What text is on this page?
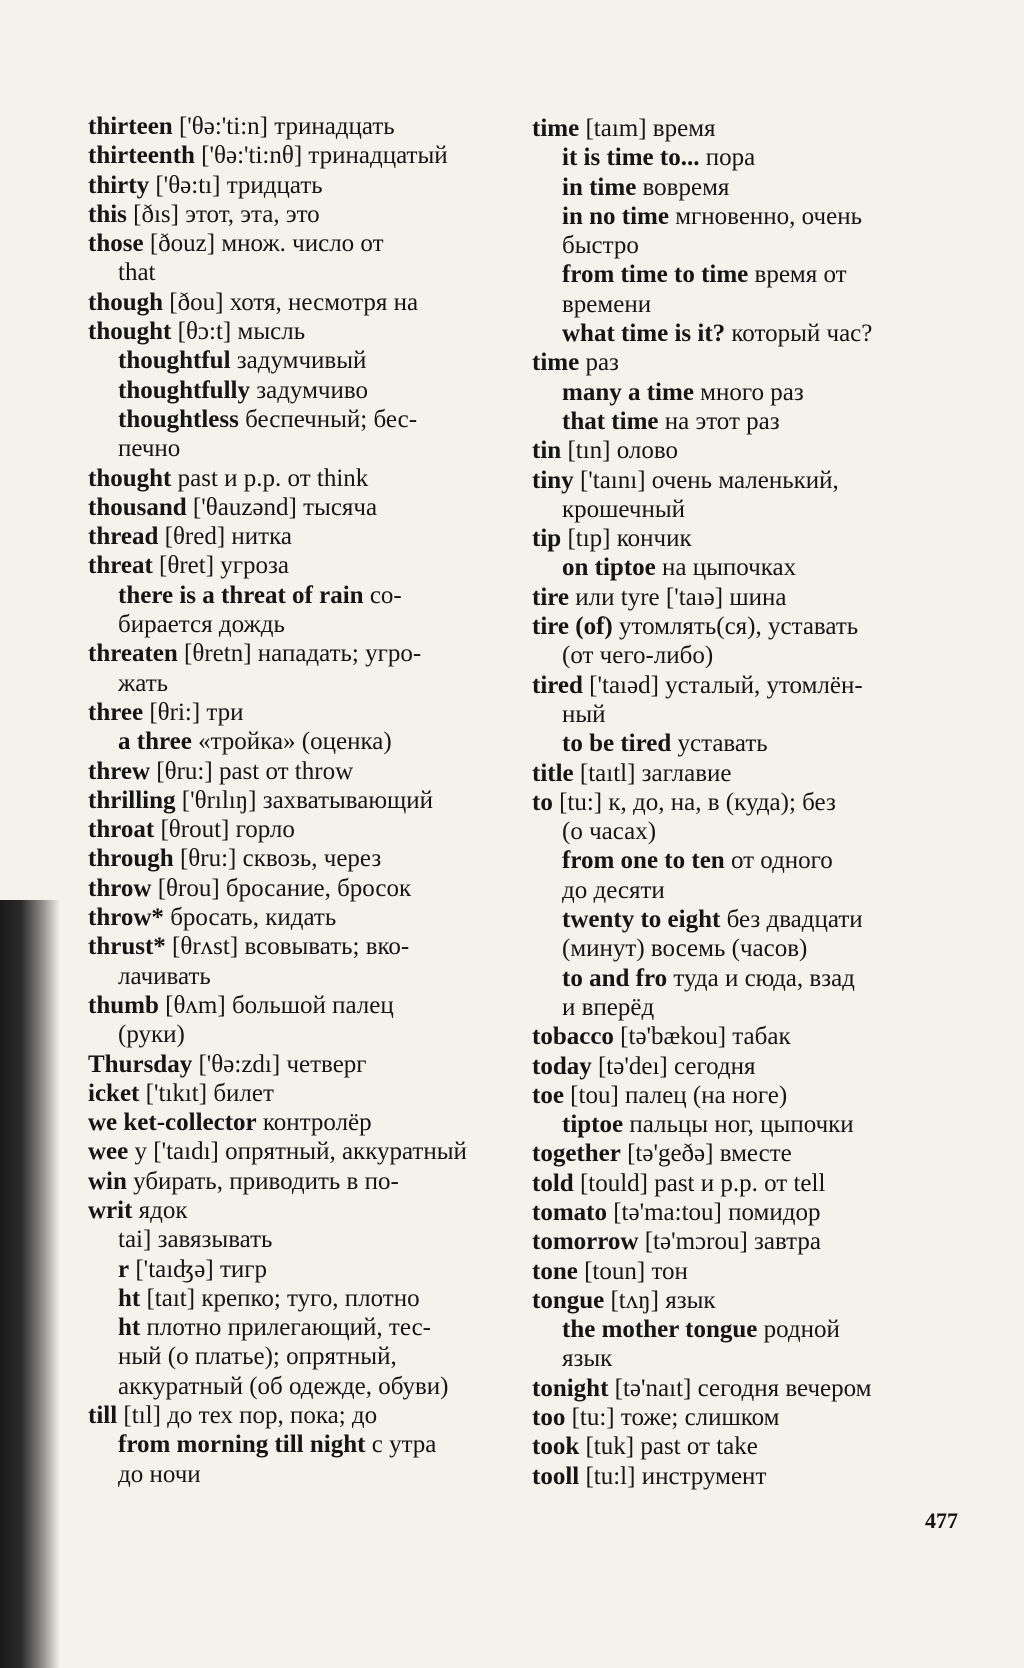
thirteen ['θə:'ti:n] тринадцать
thirteenth ['θə:'ti:nθ] тринадцатый
thirty ['θə:tı] тридцать
this [ðıs] этот, эта, это
those [ðouz] множ. число от
that
though [ðou] хотя, несмотря на
thought [θɔ:t] мысль
thoughtful задумчивый
thoughtfully задумчиво
thoughtless беспечный; бес-
печно
thought past и p.p. от think
thousand ['θauzənd] тысяча
thread [θred] нитка
threat [θret] угроза
there is a threat of rain со-
бирается дождь
threaten [θretn] нападать; угро-
жать
three [θri:] три
a three «тройка» (оценка)
threw [θru:] past от throw
thrilling ['θrılıŋ] захватывающий
throat [θrout] горло
through [θru:] сквозь, через
throw [θrou] бросание, бросок
throw* бросать, кидать
thrust* [θrʌst] всовывать; вко-
лачивать
thumb [θʌm] большой палец
(руки)
Thursday ['θə:zdı] четверг
icket ['tıkıt] билет
we ket-collector контролёр
wee y ['taıdı] опрятный, аккуратный
win убирать, приводить в по-
writ ядок
tai] завязывать
r ['taıʤə] тигр
ht [taıt] крепко; туго, плотно
ht плотно прилегающий, тес-
ный (о платье); опрятный,
аккуратный (об одежде, обуви)
till [tıl] до тех пор, пока; до
from morning till night с утра
до ночи
time [taım] время
it is time to... пора
in time вовремя
in no time мгновенно, очень
быстро
from time to time время от
времени
what time is it? который час?
time раз
many a time много раз
that time на этот раз
tin [tın] олово
tiny ['taını] очень маленький,
крошечный
tip [tıp] кончик
on tiptoe на цыпочках
tire или tyre ['taıə] шина
tire (of) утомлять(ся), уставать
(от чего-либо)
tired ['taıəd] усталый, утомлён-
ный
to be tired уставать
title [taıtl] заглавие
to [tu:] к, до, на, в (куда); без
(о часах)
from one to ten от одного
до десяти
twenty to eight без двадцати
(минут) восемь (часов)
to and fro туда и сюда, взад
и вперёд
tobacco [tə'bækou] табак
today [tə'deı] сегодня
toe [tou] палец (на ноге)
tiptoe пальцы ног, цыпочки
together [tə'geðə] вместе
told [tould] past и p.p. от tell
tomato [tə'ma:tou] помидор
tomorrow [tə'mɔrou] завтра
tone [toun] тон
tongue [tʌŋ] язык
the mother tongue родной
язык
tonight [tə'naıt] сегодня вечером
too [tu:] тоже; слишком
took [tuk] past от take
tooll [tu:l] инструмент
477
